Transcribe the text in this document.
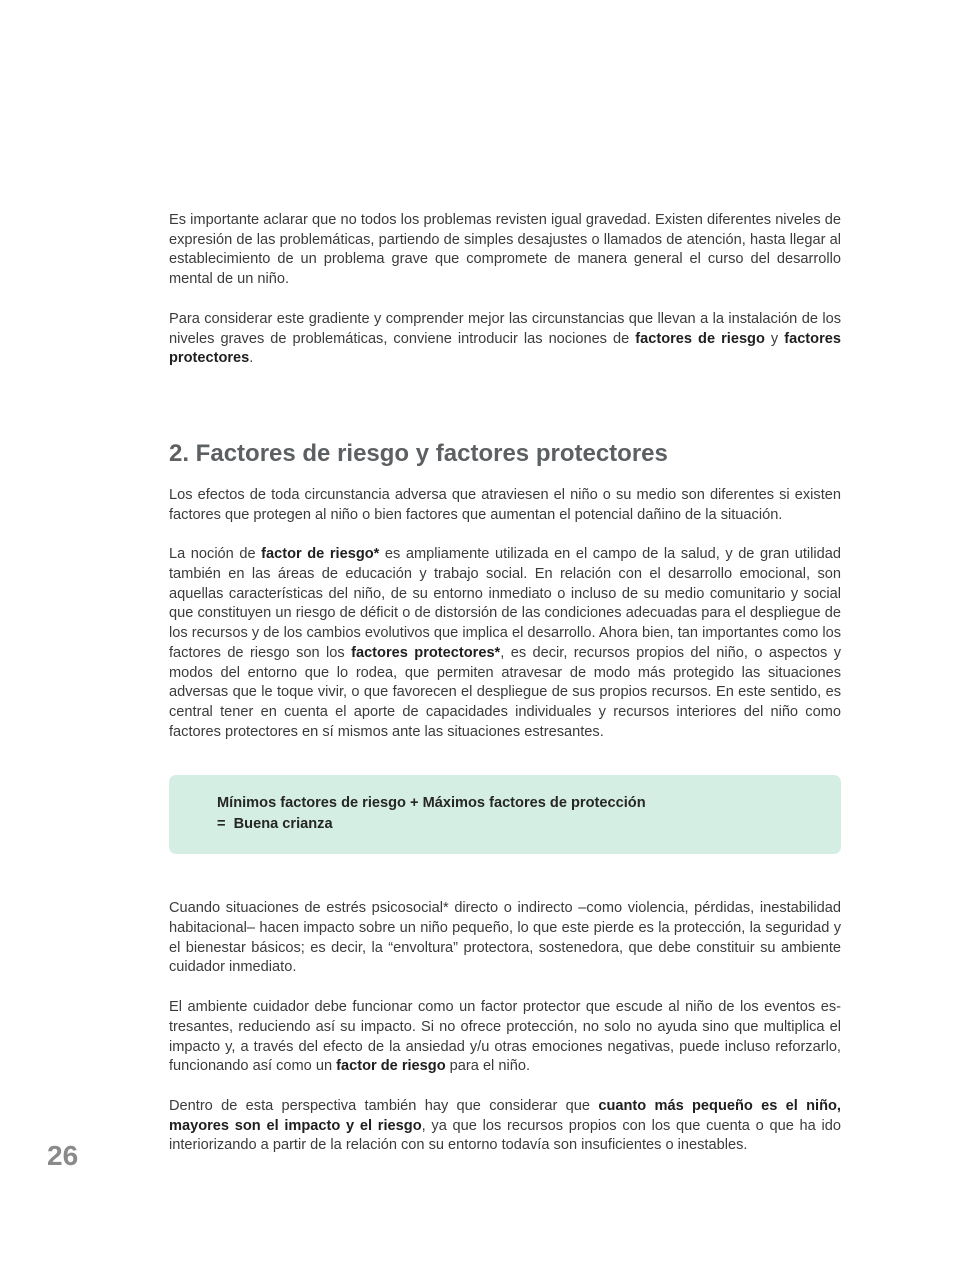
Es importante aclarar que no todos los problemas revisten igual gravedad. Existen diferentes niveles de expresión de las problemáticas, partiendo de simples desajustes o llamados de atención, hasta llegar al establecimiento de un problema grave que compromete de manera general el curso del desarrollo mental de un niño.

Para considerar este gradiente y comprender mejor las circunstancias que llevan a la instalación de los niveles graves de problemáticas, conviene introducir las nociones de factores de riesgo y factores protectores.

2. Factores de riesgo y factores protectores

Los efectos de toda circunstancia adversa que atraviesen el niño o su medio son diferentes si existen factores que protegen al niño o bien factores que aumentan el potencial dañino de la situación.

La noción de factor de riesgo* es ampliamente utilizada en el campo de la salud, y de gran utilidad también en las áreas de educación y trabajo social. En relación con el desarrollo emocional, son aquellas características del niño, de su entorno inmediato o incluso de su medio comunitario y social que constituyen un riesgo de déficit o de distorsión de las condiciones adecuadas para el despliegue de los recursos y de los cambios evolutivos que implica el desarrollo. Ahora bien, tan importantes como los factores de riesgo son los factores protectores*, es decir, recursos propios del niño, o aspectos y modos del entorno que lo rodea, que permiten atravesar de modo más protegido las situaciones adversas que le toque vivir, o que favorecen el despliegue de sus propios recursos. En este sentido, es central tener en cuenta el aporte de capacidades individuales y recursos interiores del niño como factores protectores en sí mismos ante las situaciones estresantes.

Mínimos factores de riesgo + Máximos factores de protección
=  Buena crianza

Cuando situaciones de estrés psicosocial* directo o indirecto –como violencia, pérdidas, inestabilidad habitacional– hacen impacto sobre un niño pequeño, lo que este pierde es la protección, la seguridad y el bienestar básicos; es decir, la “envoltura” protectora, sostenedora, que debe constituir su ambiente cuidador inmediato.

El ambiente cuidador debe funcionar como un factor protector que escude al niño de los eventos estresantes, reduciendo así su impacto. Si no ofrece protección, no solo no ayuda sino que multiplica el impacto y, a través del efecto de la ansiedad y/u otras emociones negativas, puede incluso reforzarlo, funcionando así como un factor de riesgo para el niño.

Dentro de esta perspectiva también hay que considerar que cuanto más pequeño es el niño, mayores son el impacto y el riesgo, ya que los recursos propios con los que cuenta o que ha ido interiorizando a partir de la relación con su entorno todavía son insuficientes o inestables.

26
